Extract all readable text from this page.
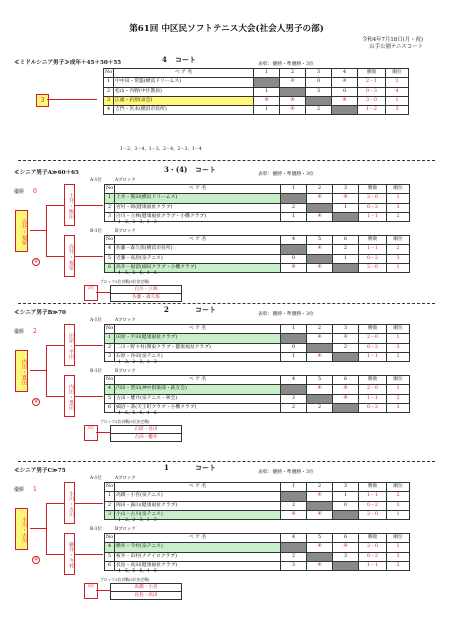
第61回 中区民ソフトテニス大会(社会人男子の部)
令和4年7月18日(月・祝)
山手公園テニスコート
≪ミドルシニア男子≫成年＋45＋50＋55	4 コート
表彰：優勝・準優勝・3位
3
No	ペ ア 名	1	2	3	4	勝敗	順位
1	中中田・常盤(横浜ドリームス)		④	0	④	2－1	2
2	松山・内野(中区教員)	1		3	0	0－3	4
3	江頭・岩原(泉会)	④	④		④	3－0	1
4	吉門・宮本(横浜市役所)	1	④	2		1－2	3
1－2、3－4、1－3、2－4、2－3、1－4
≪シニア男子A≫60＋65	3・(4) コート
表彰：優勝・準優勝・3位
A-1位	Aブロック
No	ペ ア 名	1	2	3	勝敗	順位
1	土井・熊田(横浜ドリームス)		④	④	2－0	1
2	宮村・岡(健康福祉クラブ)	2		1	0－2	3
3	白川・立林(健康福祉クラブ・小機クラブ)	1	④		1－1	2
1－2、2－3、1－3
B-1位	Bブロック
No	ペ ア 名	4	5	6	勝敗	順位
4	佐藤・森久保(横浜市役所)		④	2	1－1	2
5	近藤・高原(泉テニス)	0		1	0－2	3
6	高井・福留(細田クラブ・小機クラブ)	④	④		2－0	1
4－5、5－6、4－6
土井・熊田
高井・福留
優勝 0
高井・福留
④
ブロック2位対戦(3位決定戦)
白川・立林
佐藤・森久保
3位
≪シニア男子B≫70	2	コート
表彰：優勝・準優勝・3位
A-1位	Aブロック
No	ペ ア 名	1	2	3	勝敗	順位
1	田原・平田(健康福祉クラブ)		④	④	2－0	1
2	二川・野々村(関東クラブ・健康福祉クラブ)	0		2	0－2	3
3	石原・谷田(泉テニス)	1	④		1－1	2
1－2、2－3、1－3
B-1位	Bブロック
No	ペ ア 名	4	5	6	勝敗	順位
4	内田・豊田(神中倶楽部・鉄友会)		④	④	2－0	1
5	古田・櫻井(泉テニス・翠会)	3		④	1－1	2
6	細沼・斎(天王町クラブ・小機クラブ)	2	2		0－2	3
4－5、5－6、4－6
田原・平田
内田・豊田
優勝 2
内田・豊田
④
ブロック2位対戦(3位決定戦)
石原・谷田
古田・櫻井
3位
≪シニア男子C≫75	1	コート
表彰：優勝・準優勝・3位
A-1位	Aブロック
No	ペ ア 名	1	2	3	勝敗	順位
1	高橋・小宮(泉テニス)		④	1	1－1	2
2	岡田・露山(健康福祉クラブ)	2		0	0－2	3
3	小山・古川(泉テニス)	④	④		2－0	1
1－2、2－3、1－3
B-1位	Bブロック
No	ペ ア 名	4	5	6	勝敗	順位
4	横井・今村(泉テニス)		④	④	2－0	1
5	桜井・田村(ナナイロクラブ)	2		3	0－2	3
6	長島・高田(健康福祉クラブ)	3	④		1－1	2
4－5、5－6、4－6
小川・古川
横井・今村
優勝 1
小川・古川
④
ブロック2位対戦(3位決定戦)
高橋・小宮
長島・高田
3位
